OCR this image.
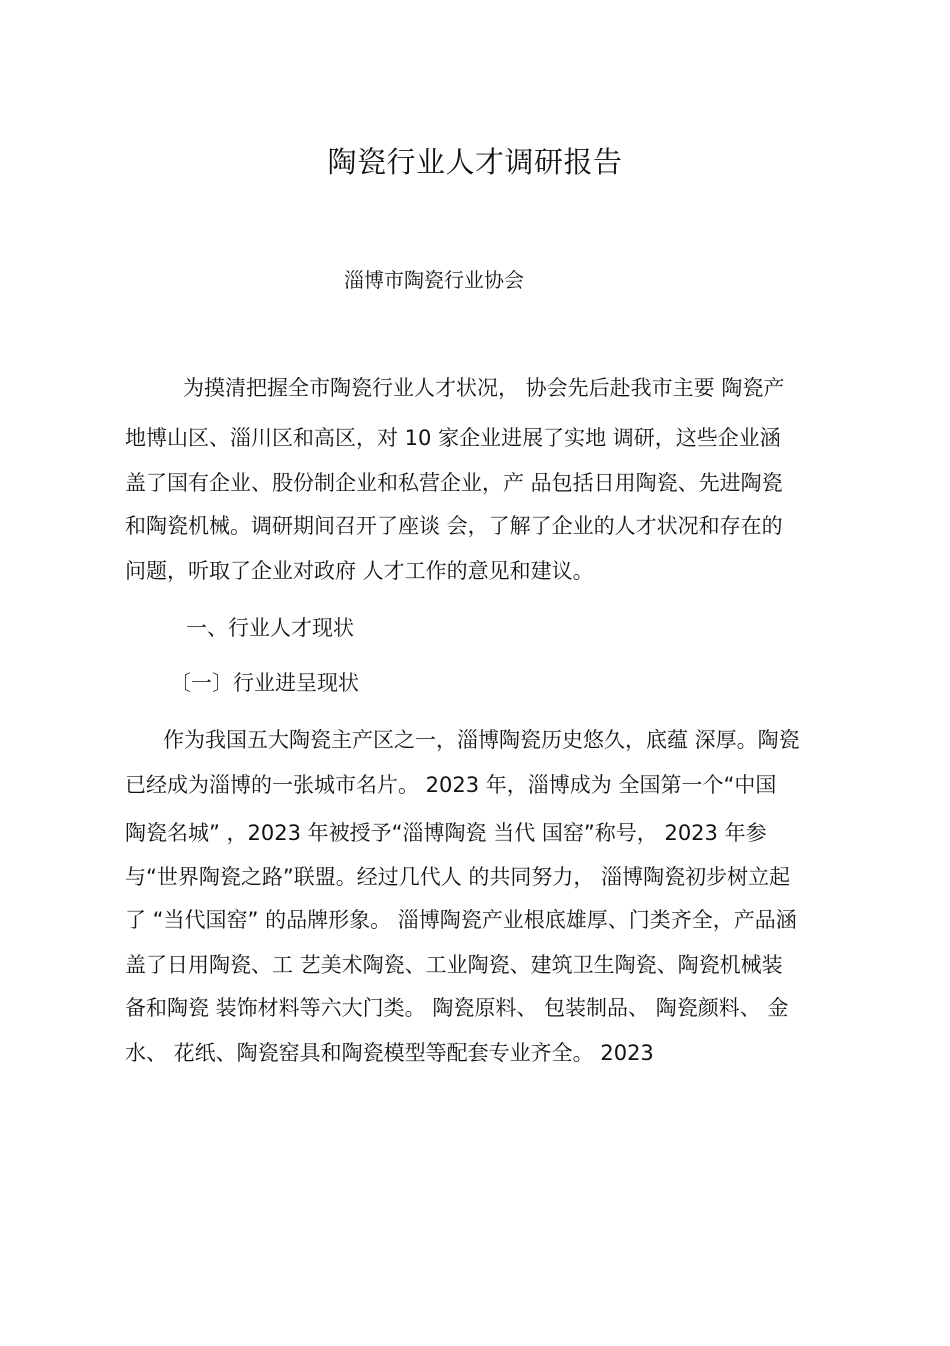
陶瓷行业人才调研报告
淄博市陶瓷行业协会
为摸清把握全市陶瓷行业人才状况， 协会先后赴我市主要 陶瓷产
地博山区、淄川区和高区，对 10 家企业进展了实地 调研，这些企业涵
盖了国有企业、股份制企业和私营企业，产 品包括日用陶瓷、先进陶瓷
和陶瓷机械。调研期间召开了座谈 会，了解了企业的人才状况和存在的
问题，听取了企业对政府 人才工作的意见和建议。
一、行业人才现状
〔一〕行业进呈现状
作为我国五大陶瓷主产区之一，淄博陶瓷历史悠久，底蕴 深厚。陶瓷
已经成为淄博的一张城市名片。 2023 年，淄博成为 全国第一个“中国
陶瓷名城” ，2023 年被授予“淄博陶瓷 当代 国窑”称号， 2023 年参
与“世界陶瓷之路”联盟。经过几代人 的共同努力， 淄博陶瓷初步树立起
了 “当代国窑” 的品牌形象。 淄博陶瓷产业根底雄厚、门类齐全，产品涵
盖了日用陶瓷、工 艺美术陶瓷、工业陶瓷、建筑卫生陶瓷、陶瓷机械装
备和陶瓷 装饰材料等六大门类。 陶瓷原料、 包装制品、 陶瓷颜料、 金
水、 花纸、陶瓷窑具和陶瓷模型等配套专业齐全。 2023
